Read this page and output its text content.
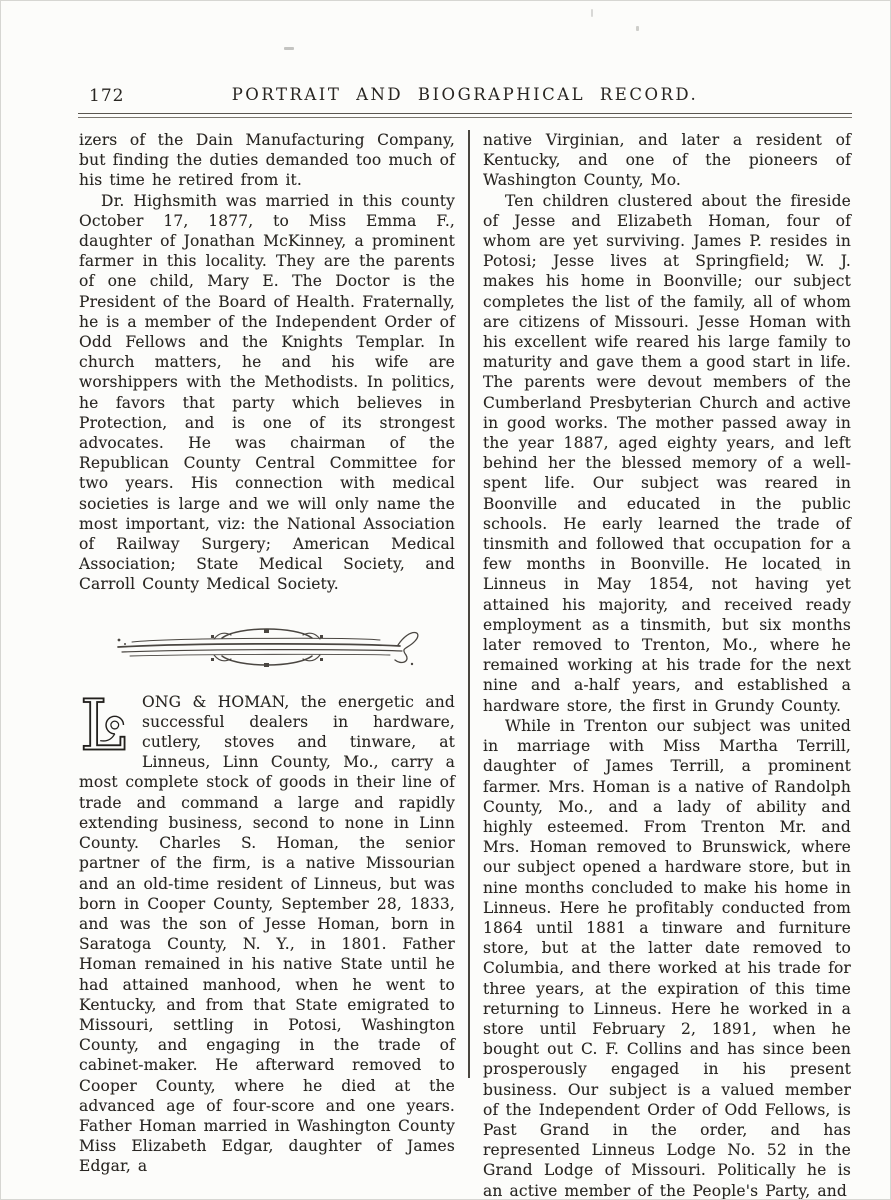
172	PORTRAIT AND BIOGRAPHICAL RECORD.

izers of the Dain Manufacturing Company, but finding the duties demanded too much of his time he retired from it.

Dr. Highsmith was married in this county October 17, 1877, to Miss Emma F., daughter of Jonathan McKinney, a prominent farmer in this locality. They are the parents of one child, Mary E. The Doctor is the President of the Board of Health. Fraternally, he is a member of the Independent Order of Odd Fellows and the Knights Templar. In church matters, he and his wife are worshippers with the Methodists. In politics, he favors that party which believes in Protection, and is one of its strongest advocates. He was chairman of the Republican County Central Committee for two years. His connection with medical societies is large and we will only name the most important, viz: the National Association of Railway Surgery; American Medical Association; State Medical Society, and Carroll County Medical Society.

L ONG & HOMAN, the energetic and successful dealers in hardware, cutlery, stoves and tinware, at Linneus, Linn County, Mo., carry a most complete stock of goods in their line of trade and command a large and rapidly extending business, second to none in Linn County. Charles S. Homan, the senior partner of the firm, is a native Missourian and an old-time resident of Linneus, but was born in Cooper County, September 28, 1833, and was the son of Jesse Homan, born in Saratoga County, N. Y., in 1801. Father Homan remained in his native State until he had attained manhood, when he went to Kentucky, and from that State emigrated to Missouri, settling in Potosi, Washington County, and engaging in the trade of cabinet-maker. He afterward removed to Cooper County, where he died at the advanced age of four-score and one years. Father Homan married in Washington County Miss Elizabeth Edgar, daughter of James Edgar, a

native Virginian, and later a resident of Kentucky, and one of the pioneers of Washington County, Mo.

Ten children clustered about the fireside of Jesse and Elizabeth Homan, four of whom are yet surviving. James P. resides in Potosi; Jesse lives at Springfield; W. J. makes his home in Boonville; our subject completes the list of the family, all of whom are citizens of Missouri. Jesse Homan with his excellent wife reared his large family to maturity and gave them a good start in life. The parents were devout members of the Cumberland Presbyterian Church and active in good works. The mother passed away in the year 1887, aged eighty years, and left behind her the blessed memory of a well-spent life. Our subject was reared in Boonville and educated in the public schools. He early learned the trade of tinsmith and followed that occupation for a few months in Boonville. He located in Linneus in May 1854, not having yet attained his majority, and received ready employment as a tinsmith, but six months later removed to Trenton, Mo., where he remained working at his trade for the next nine and a-half years, and established a hardware store, the first in Grundy County.

While in Trenton our subject was united in marriage with Miss Martha Terrill, daughter of James Terrill, a prominent farmer. Mrs. Homan is a native of Randolph County, Mo., and a lady of ability and highly esteemed. From Trenton Mr. and Mrs. Homan removed to Brunswick, where our subject opened a hardware store, but in nine months concluded to make his home in Linneus. Here he profitably conducted from 1864 until 1881 a tinware and furniture store, but at the latter date removed to Columbia, and there worked at his trade for three years, at the expiration of this time returning to Linneus. Here he worked in a store until February 2, 1891, when he bought out C. F. Collins and has since been prosperously engaged in his present business. Our subject is a valued member of the Independent Order of Odd Fellows, is Past Grand in the order, and has represented Linneus Lodge No. 52 in the Grand Lodge of Missouri. Politically he is an active member of the People's Party, and
